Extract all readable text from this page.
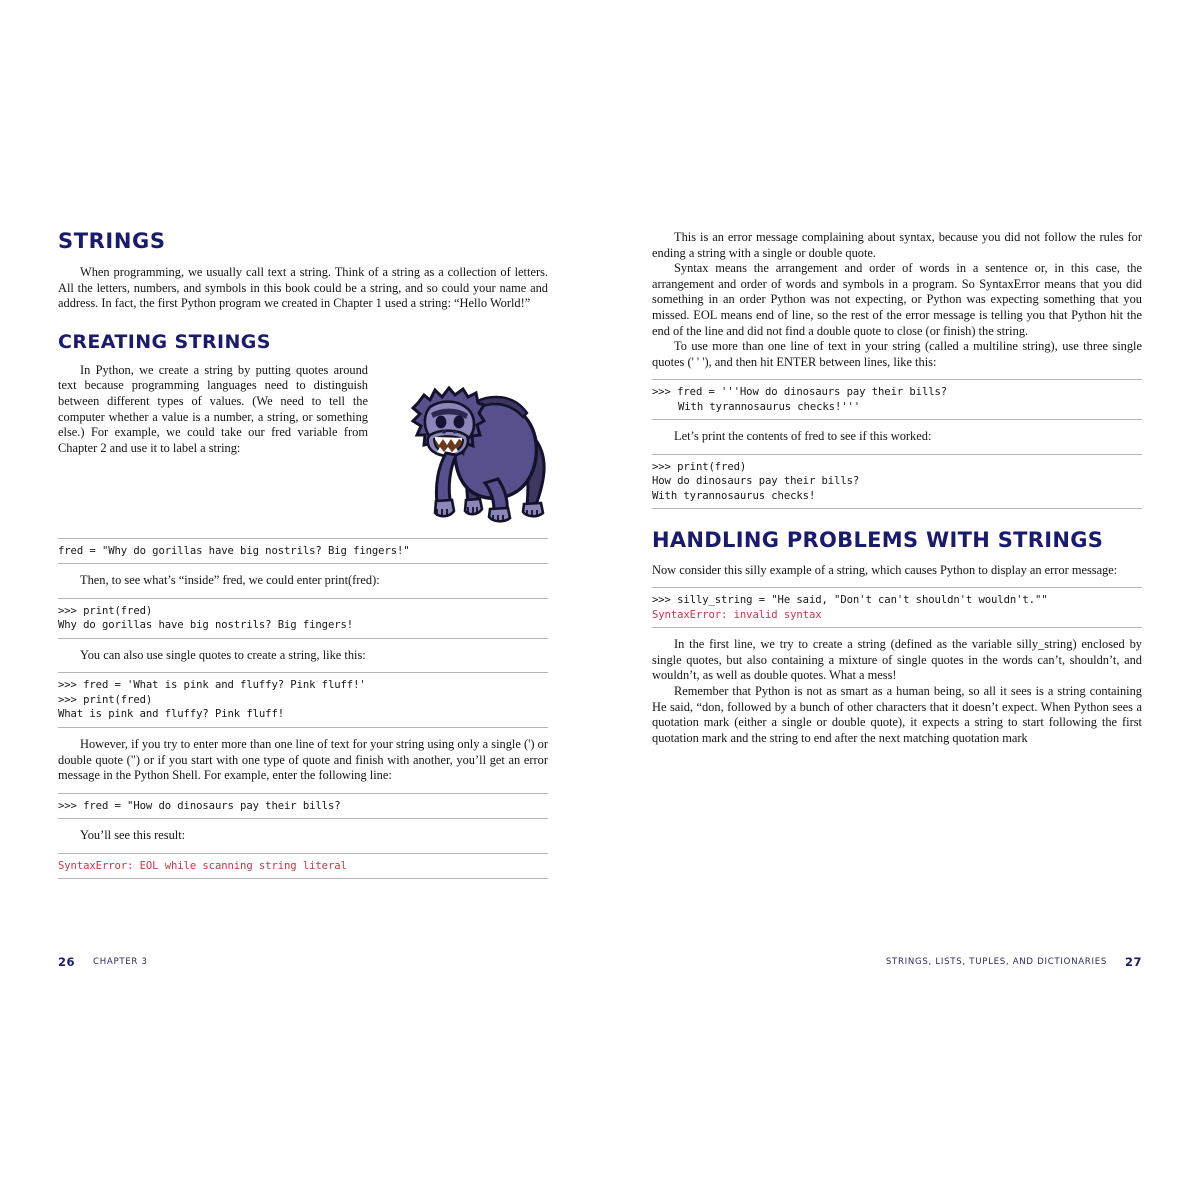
STRINGS

When programming, we usually call text a string. Think of a string as a collection of letters. All the letters, numbers, and symbols in this book could be a string, and so could your name and address. In fact, the first Python program we created in Chapter 1 used a string: “Hello World!”

CREATING STRINGS

In Python, we create a string by putting quotes around text because programming languages need to distinguish between different types of values. (We need to tell the computer whether a value is a number, a string, or something else.) For example, we could take our fred variable from Chapter 2 and use it to label a string:

fred = "Why do gorillas have big nostrils? Big fingers!"

Then, to see what’s “inside” fred, we could enter print(fred):

>>> print(fred)
Why do gorillas have big nostrils? Big fingers!

You can also use single quotes to create a string, like this:

>>> fred = 'What is pink and fluffy? Pink fluff!'
>>> print(fred)
What is pink and fluffy? Pink fluff!

However, if you try to enter more than one line of text for your string using only a single (') or double quote (") or if you start with one type of quote and finish with another, you’ll get an error message in the Python Shell. For example, enter the following line:

>>> fred = "How do dinosaurs pay their bills?

You’ll see this result:

SyntaxError: EOL while scanning string literal
26 CHAPTER 3

This is an error message complaining about syntax, because you did not follow the rules for ending a string with a single or double quote.

Syntax means the arrangement and order of words in a sentence or, in this case, the arrangement and order of words and symbols in a program. So SyntaxError means that you did something in an order Python was not expecting, or Python was expecting something that you missed. EOL means end of line, so the rest of the error message is telling you that Python hit the end of the line and did not find a double quote to close (or finish) the string.

To use more than one line of text in your string (called a multiline string), use three single quotes (' ' '), and then hit ENTER between lines, like this:

>>> fred = '''How do dinosaurs pay their bills?
With tyrannosaurus checks!'''

Let’s print the contents of fred to see if this worked:

>>> print(fred)
How do dinosaurs pay their bills?
With tyrannosaurus checks!
HANDLING PROBLEMS WITH STRINGS

Now consider this silly example of a string, which causes Python to display an error message:

>>> silly_string = "He said, "Don't can't shouldn't wouldn't.""
SyntaxError: invalid syntax

In the first line, we try to create a string (defined as the variable silly_string) enclosed by single quotes, but also containing a mixture of single quotes in the words can’t, shouldn’t, and wouldn’t, as well as double quotes. What a mess!

Remember that Python is not as smart as a human being, so all it sees is a string containing He said, “don, followed by a bunch of other characters that it doesn’t expect. When Python sees a quotation mark (either a single or double quote), it expects a string to start following the first quotation mark and the string to end after the next matching quotation mark

STRINGS, LISTS, TUPLES, AND DICTIONARIES 27
